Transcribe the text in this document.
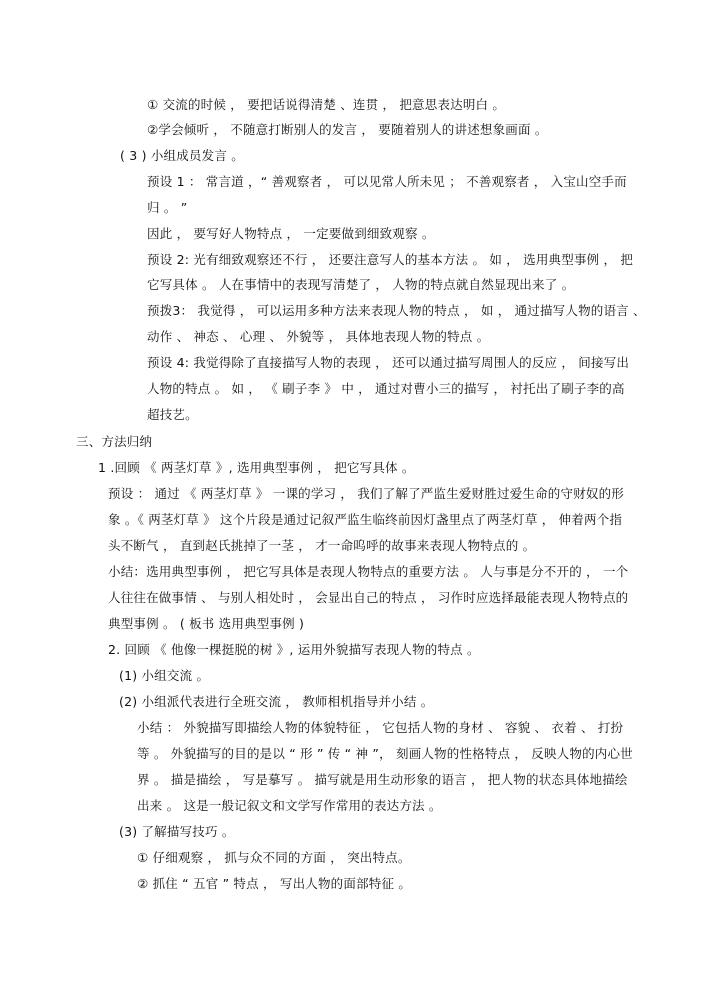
① 交流的时候 ， 要把话说得清楚 、连贯 ， 把意思表达明白 。
②学会倾听 ， 不随意打断别人的发言 ， 要随着别人的讲述想象画面 。
( 3 ) 小组成员发言 。
预设 1 ： 常言道 ，“ 善观察者 ， 可以见常人所未见 ； 不善观察者 ， 入宝山空手而
归 。 ”
因此 ， 要写好人物特点 ， 一定要做到细致观察 。
预设 2: 光有细致观察还不行 ， 还要注意写人的基本方法 。 如 ， 选用典型事例 ， 把
它写具体 。 人在事情中的表现写清楚了 ， 人物的特点就自然显现出来了 。
预拨3： 我觉得 ， 可以运用多种方法来表现人物的特点 ， 如 ， 通过描写人物的语言 、
动作 、 神态 、 心理 、 外貌等 ， 具体地表现人物的特点 。
预设 4: 我觉得除了直接描写人物的表现 ， 还可以通过描写周围人的反应 ， 间接写出
人物的特点 。 如 ， 《 刷子李 》 中 ， 通过对曹小三的描写 ， 衬托出了刷子李的高
超技艺。
三、方法归纳
1 .回顾 《 两茎灯草 》, 选用典型事例 ， 把它写具体 。
预设 ： 通过 《 两茎灯草 》 一课的学习 ， 我们了解了严监生爱财胜过爱生命的守财奴的形
象 。《 两茎灯草 》 这个片段是通过记叙严监生临终前因灯盏里点了两茎灯草 ， 伸着两个指
头不断气 ， 直到赵氏挑掉了一茎 ， 才一命呜呼的故事来表现人物特点的 。
小结：选用典型事例 ， 把它写具体是表现人物特点的重要方法 。 人与事是分不开的 ， 一个
人往往在做事情 、 与别人相处时 ， 会显出自己的特点 ， 习作时应选择最能表现人物特点的
典型事例 。 ( 板书 选用典型事例 )
2. 回顾 《 他像一棵挺脱的树 》, 运用外貌描写表现人物的特点 。
(1) 小组交流 。
(2) 小组派代表进行全班交流 ， 教师相机指导并小结 。
小结 ： 外貌描写即描绘人物的体貌特征 ， 它包括人物的身材 、 容貌 、 衣着 、 打扮
等 。 外貌描写的目的是以 “ 形 ” 传 “ 神 ”， 刻画人物的性格特点 ， 反映人物的内心世
界 。 描是描绘 ， 写是摹写 。 描写就是用生动形象的语言 ， 把人物的状态具体地描绘
出来 。 这是一般记叙文和文学写作常用的表达方法 。
(3) 了解描写技巧 。
① 仔细观察 ， 抓与众不同的方面 ， 突出特点。
② 抓住 “ 五官 ” 特点 ， 写出人物的面部特征 。
